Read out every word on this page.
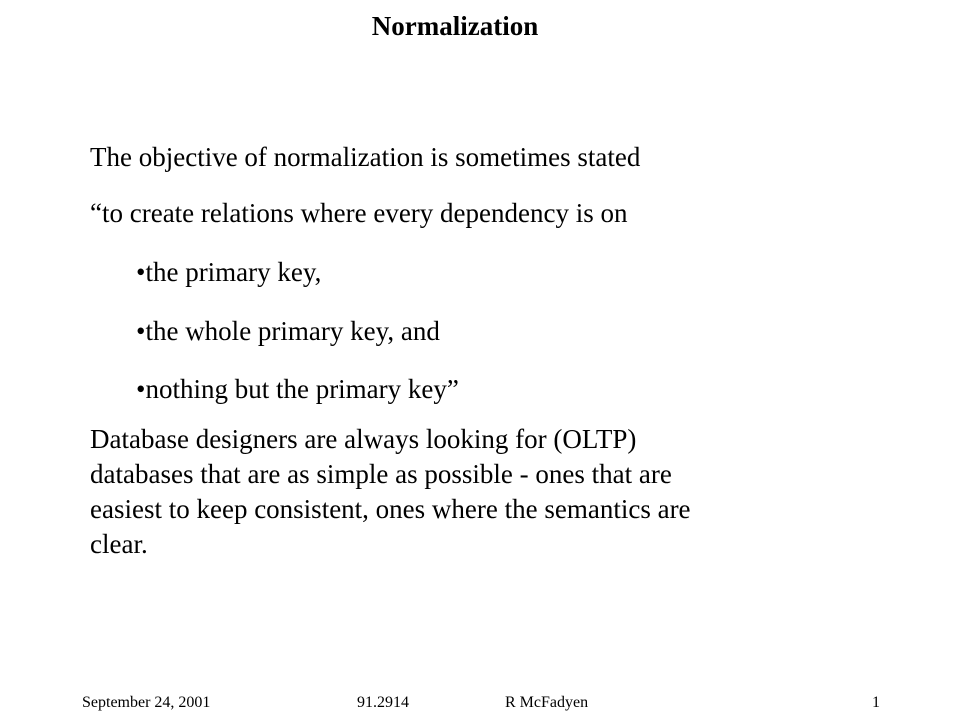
Normalization
The objective of normalization is sometimes stated
“to create relations where every dependency is on
•the primary key,
•the whole primary key, and
•nothing but the primary key”
Database designers are always looking for (OLTP)
databases that are as simple as possible - ones that are
easiest to keep consistent, ones where the semantics are
clear.
September 24, 2001	91.2914	R McFadyen	1
